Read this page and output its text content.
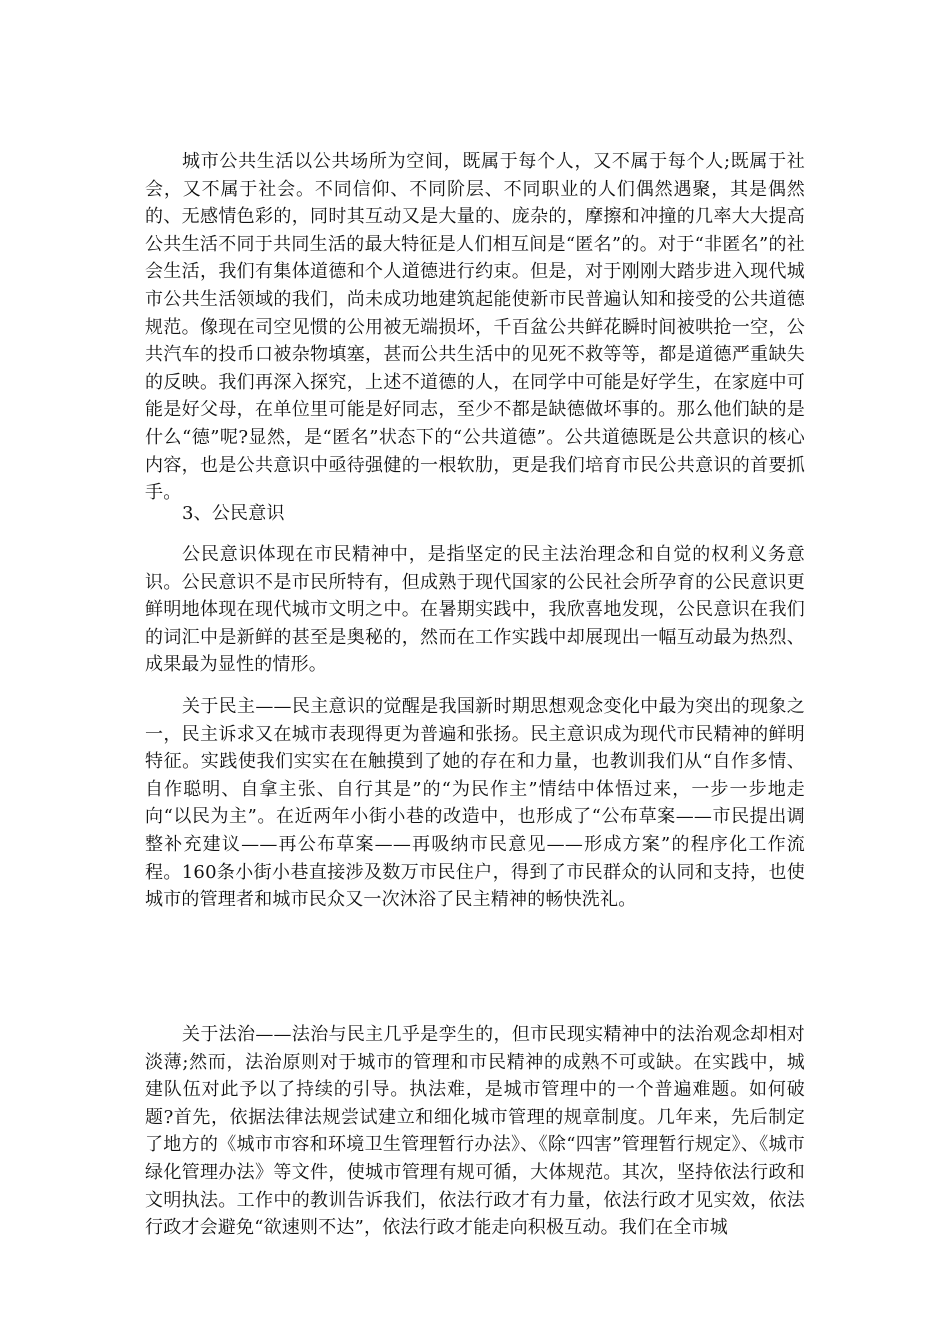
城市公共生活以公共场所为空间，既属于每个人，又不属于每个人;既属于社会，又不属于社会。不同信仰、不同阶层、不同职业的人们偶然遇聚，其是偶然的、无感情色彩的，同时其互动又是大量的、庞杂的，摩擦和冲撞的几率大大提高公共生活不同于共同生活的最大特征是人们相互间是“匿名”的。对于“非匿名”的社会生活，我们有集体道德和个人道德进行约束。但是，对于刚刚大踏步进入现代城市公共生活领域的我们，尚未成功地建筑起能使新市民普遍认知和接受的公共道德规范。像现在司空见惯的公用被无端损坏，千百盆公共鲜花瞬时间被哄抢一空，公共汽车的投币口被杂物填塞，甚而公共生活中的见死不救等等，都是道德严重缺失的反映。我们再深入探究，上述不道德的人，在同学中可能是好学生，在家庭中可能是好父母，在单位里可能是好同志，至少不都是缺德做坏事的。那么他们缺的是什么“德”呢?显然，是“匿名”状态下的“公共道德”。公共道德既是公共意识的核心内容，也是公共意识中亟待强健的一根软肋，更是我们培育市民公共意识的首要抓手。

3、公民意识

公民意识体现在市民精神中，是指坚定的民主法治理念和自觉的权利义务意识。公民意识不是市民所特有，但成熟于现代国家的公民社会所孕育的公民意识更鲜明地体现在现代城市文明之中。在暑期实践中，我欣喜地发现，公民意识在我们的词汇中是新鲜的甚至是奥秘的，然而在工作实践中却展现出一幅互动最为热烈、成果最为显性的情形。

关于民主——民主意识的觉醒是我国新时期思想观念变化中最为突出的现象之一，民主诉求又在城市表现得更为普遍和张扬。民主意识成为现代市民精神的鲜明特征。实践使我们实实在在触摸到了她的存在和力量，也教训我们从“自作多情、自作聪明、自拿主张、自行其是”的“为民作主”情结中体悟过来，一步一步地走向“以民为主”。在近两年小街小巷的改造中，也形成了“公布草案——市民提出调整补充建议——再公布草案——再吸纳市民意见——形成方案”的程序化工作流程。160条小街小巷直接涉及数万市民住户，得到了市民群众的认同和支持，也使城市的管理者和城市民众又一次沐浴了民主精神的畅快洗礼。

关于法治——法治与民主几乎是孪生的，但市民现实精神中的法治观念却相对淡薄;然而，法治原则对于城市的管理和市民精神的成熟不可或缺。在实践中，城建队伍对此予以了持续的引导。执法难，是城市管理中的一个普遍难题。如何破题?首先，依据法律法规尝试建立和细化城市管理的规章制度。几年来，先后制定了地方的《城市市容和环境卫生管理暂行办法》、《除“四害”管理暂行规定》、《城市绿化管理办法》等文件，使城市管理有规可循，大体规范。其次，坚持依法行政和文明执法。工作中的教训告诉我们，依法行政才有力量，依法行政才见实效，依法行政才会避免“欲速则不达”，依法行政才能走向积极互动。我们在全市城
